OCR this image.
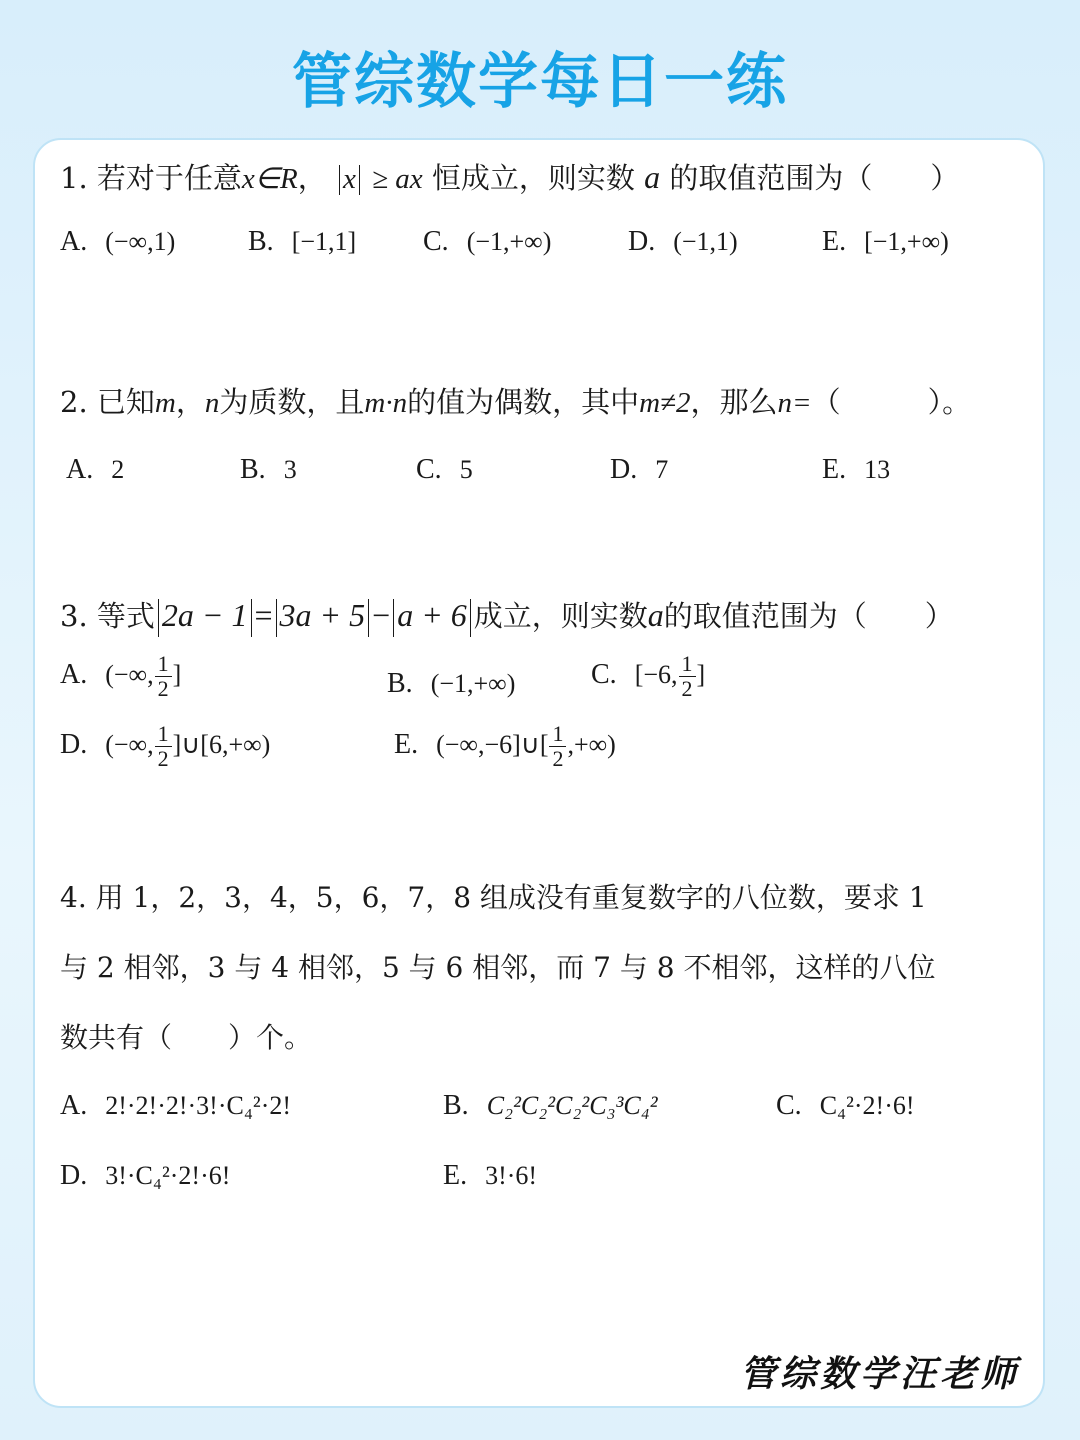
管综数学每日一练
1. 若对于任意x∈R， x ≥ ax 恒成立，则实数 a 的取值范围为（　　）
A. (−∞,1)	B. [−1,1] C. (−1,+∞)	D. (−1,1)	E. [−1,+∞)
2. 已知m，n为质数，且m·n的值为偶数，其中m≠2，那么n=（　　　）。
A. 2	B. 3	C. 5	D. 7	E. 13
3. 等式 2a − 1 = 3a + 5 − a + 6 成立，则实数a的取值范围为（　　）
A. (−∞, $\frac{1}{2}$ ]	B. (−1,+∞)	C. [−6, $\frac{1}{2}$ ]
D. (−∞, $\frac{1}{2}$ ]∪[6,+∞)	E. (−∞,−6]∪[ $\frac{1}{2}$ ,+∞)
4. 用 1，2，3，4，5，6，7，8 组成没有重复数字的八位数，要求 1
与 2 相邻，3 与 4 相邻，5 与 6 相邻，而 7 与 8 不相邻，这样的八位
数共有（　　）个。
A. 2!·2!·2!·3!·C₄²·2!	B. C₂²C₂²C₂²C₃³C₄²	C. C₄²·2!·6!
D. 3!·C₄²·2!·6!	E. 3!·6!
管综数学汪老师
